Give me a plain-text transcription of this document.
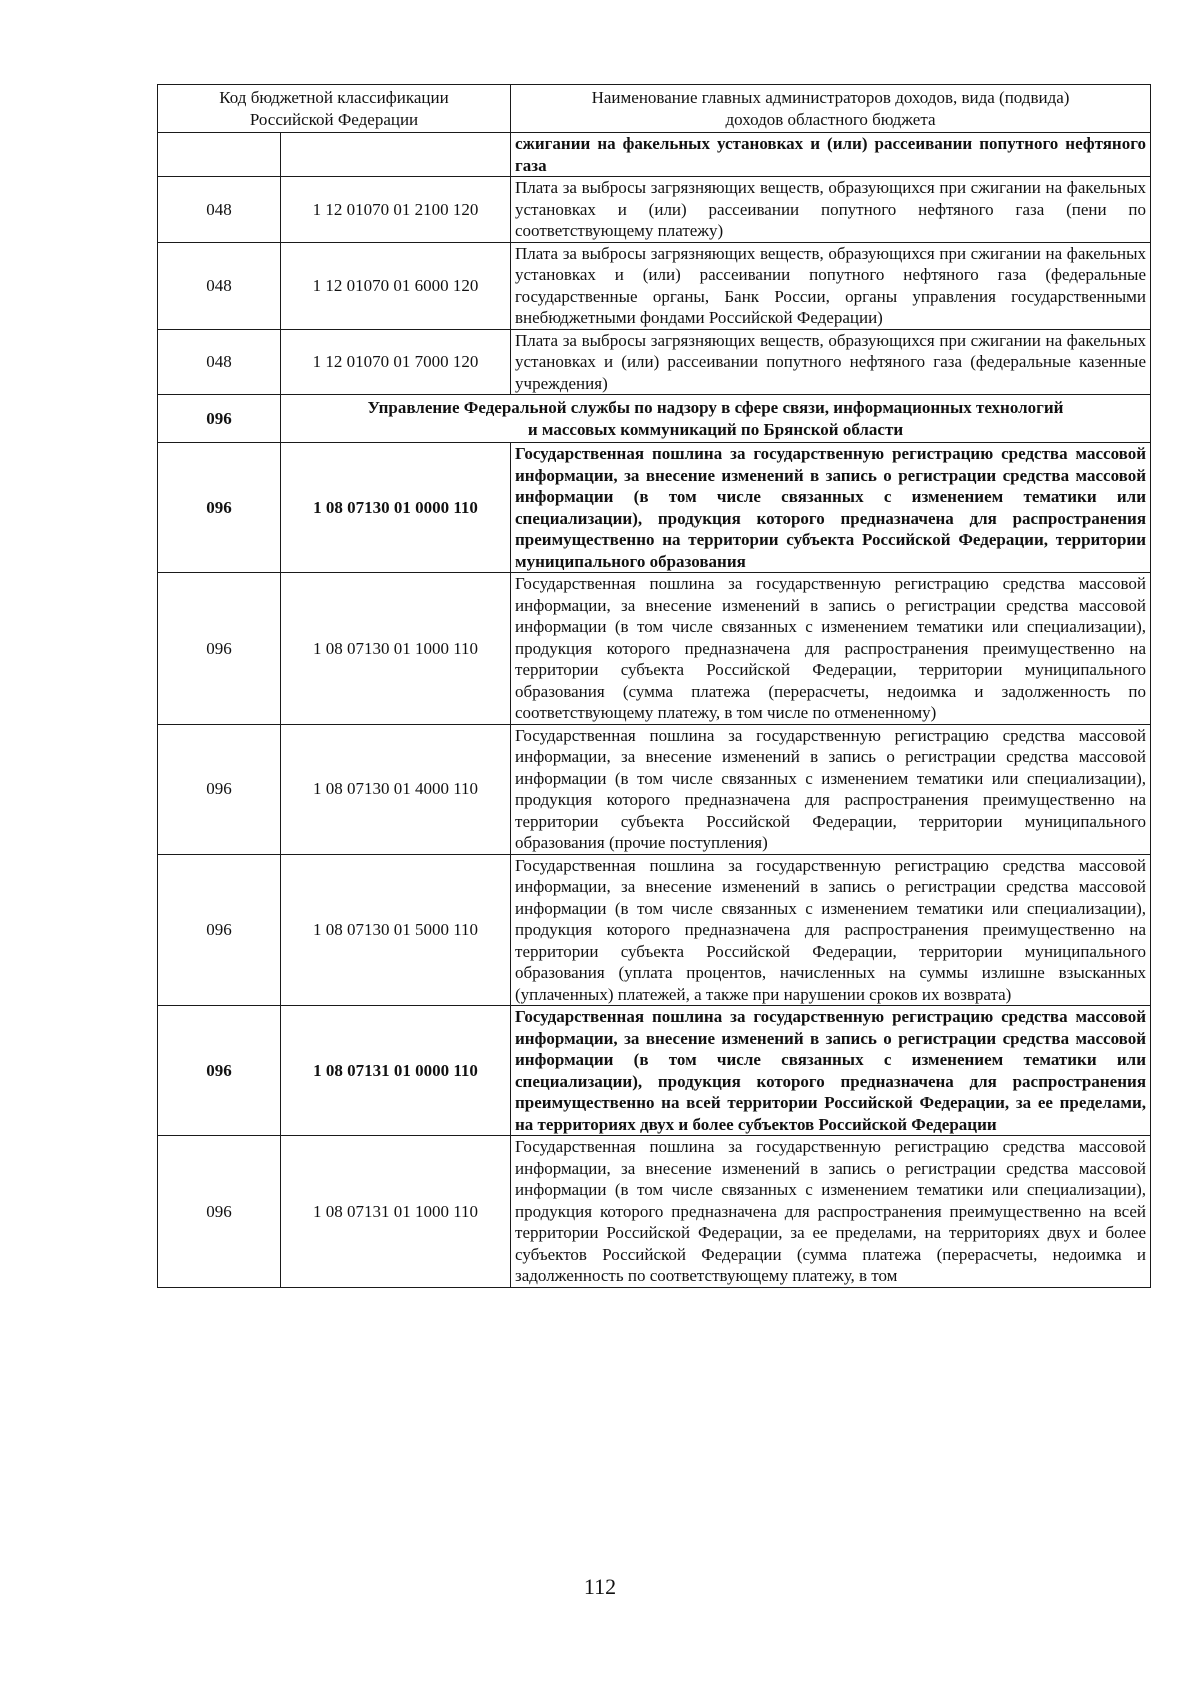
Код бюджетной классификации
Российской Федерации		Наименование главных администраторов доходов, вида (подвида)
доходов областного бюджета

		сжигании на факельных установках и (или) рассеивании попутного нефтяного газа
048	1 12 01070 01 2100 120	Плата за выбросы загрязняющих веществ, образующихся при сжигании на факельных установках и (или) рассеивании попутного нефтяного газа (пени по соответствующему платежу)
048	1 12 01070 01 6000 120	Плата за выбросы загрязняющих веществ, образующихся при сжигании на факельных установках и (или) рассеивании попутного нефтяного газа (федеральные государственные органы, Банк России, органы управления государственными внебюджетными фондами Российской Федерации)
048	1 12 01070 01 7000 120	Плата за выбросы загрязняющих веществ, образующихся при сжигании на факельных установках и (или) рассеивании попутного нефтяного газа (федеральные казенные учреждения)
096	Управление Федеральной службы по надзору в сфере связи, информационных технологий
и массовых коммуникаций по Брянской области	

096	1 08 07130 01 0000 110	Государственная пошлина за государственную регистрацию средства массовой информации, за внесение изменений в запись о регистрации средства массовой информации (в том числе связанных с изменением тематики или специализации), продукция которого предназначена для распространения преимущественно на территории субъекта Российской Федерации, территории муниципального образования
096	1 08 07130 01 1000 110	Государственная пошлина за государственную регистрацию средства массовой информации, за внесение изменений в запись о регистрации средства массовой информации (в том числе связанных с изменением тематики или специализации), продукция которого предназначена для распространения преимущественно на территории субъекта Российской Федерации, территории муниципального образования (сумма платежа (перерасчеты, недоимка и задолженность по соответствующему платежу, в том числе по отмененному)
096	1 08 07130 01 4000 110	Государственная пошлина за государственную регистрацию средства массовой информации, за внесение изменений в запись о регистрации средства массовой информации (в том числе связанных с изменением тематики или специализации), продукция которого предназначена для распространения преимущественно на территории субъекта Российской Федерации, территории муниципального образования (прочие поступления)
096	1 08 07130 01 5000 110	Государственная пошлина за государственную регистрацию средства массовой информации, за внесение изменений в запись о регистрации средства массовой информации (в том числе связанных с изменением тематики или специализации), продукция которого предназначена для распространения преимущественно на территории субъекта Российской Федерации, территории муниципального образования (уплата процентов, начисленных на суммы излишне взысканных (уплаченных) платежей, а также при нарушении сроков их возврата)
096	1 08 07131 01 0000 110	Государственная пошлина за государственную регистрацию средства массовой информации, за внесение изменений в запись о регистрации средства массовой информации (в том числе связанных с изменением тематики или специализации), продукция которого предназначена для распространения преимущественно на всей территории Российской Федерации, за ее пределами, на территориях двух и более субъектов Российской Федерации
096	1 08 07131 01 1000 110	Государственная пошлина за государственную регистрацию средства массовой информации, за внесение изменений в запись о регистрации средства массовой информации (в том числе связанных с изменением тематики или специализации), продукция которого предназначена для распространения преимущественно на всей территории Российской Федерации, за ее пределами, на территориях двух и более субъектов Российской Федерации (сумма платежа (перерасчеты, недоимка и задолженность по соответствующему платежу, в том
112
